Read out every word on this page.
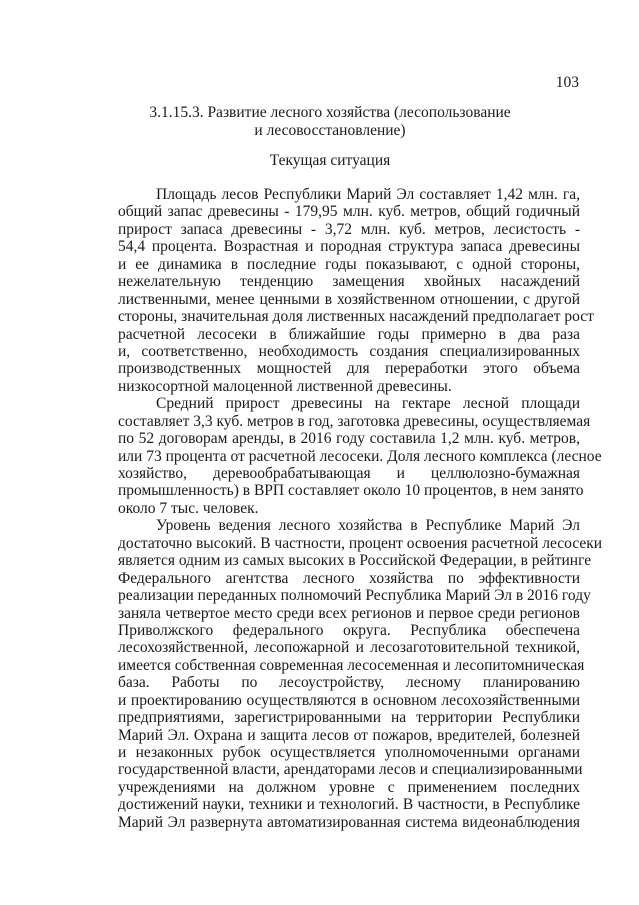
103
3.1.15.3. Развитие лесного хозяйства (лесопользование
и лесовосстановление)
Текущая ситуация
Площадь лесов Республики Марий Эл составляет 1,42 млн. га,
общий запас древесины - 179,95 млн. куб. метров, общий годичный
прирост запаса древесины - 3,72 млн. куб. метров, лесистость -
54,4 процента. Возрастная и породная структура запаса древесины
и ее динамика в последние годы показывают, с одной стороны,
нежелательную тенденцию замещения хвойных насаждений
лиственными, менее ценными в хозяйственном отношении, с другой
стороны, значительная доля лиственных насаждений предполагает рост
расчетной лесосеки в ближайшие годы примерно в два раза
и, соответственно, необходимость создания специализированных
производственных мощностей для переработки этого объема
низкосортной малоценной лиственной древесины.
Средний прирост древесины на гектаре лесной площади
составляет 3,3 куб. метров в год, заготовка древесины, осуществляемая
по 52 договорам аренды, в 2016 году составила 1,2 млн. куб. метров,
или 73 процента от расчетной лесосеки. Доля лесного комплекса (лесное
хозяйство, деревообрабатывающая и целлюлозно-бумажная
промышленность) в ВРП составляет около 10 процентов, в нем занято
около 7 тыс. человек.
Уровень ведения лесного хозяйства в Республике Марий Эл
достаточно высокий. В частности, процент освоения расчетной лесосеки
является одним из самых высоких в Российской Федерации, в рейтинге
Федерального агентства лесного хозяйства по эффективности
реализации переданных полномочий Республика Марий Эл в 2016 году
заняла четвертое место среди всех регионов и первое среди регионов
Приволжского федерального округа. Республика обеспечена
лесохозяйственной, лесопожарной и лесозаготовительной техникой,
имеется собственная современная лесосеменная и лесопитомническая
база. Работы по лесоустройству, лесному планированию
и проектированию осуществляются в основном лесохозяйственными
предприятиями, зарегистрированными на территории Республики
Марий Эл. Охрана и защита лесов от пожаров, вредителей, болезней
и незаконных рубок осуществляется уполномоченными органами
государственной власти, арендаторами лесов и специализированными
учреждениями на должном уровне с применением последних
достижений науки, техники и технологий. В частности, в Республике
Марий Эл развернута автоматизированная система видеонаблюдения
